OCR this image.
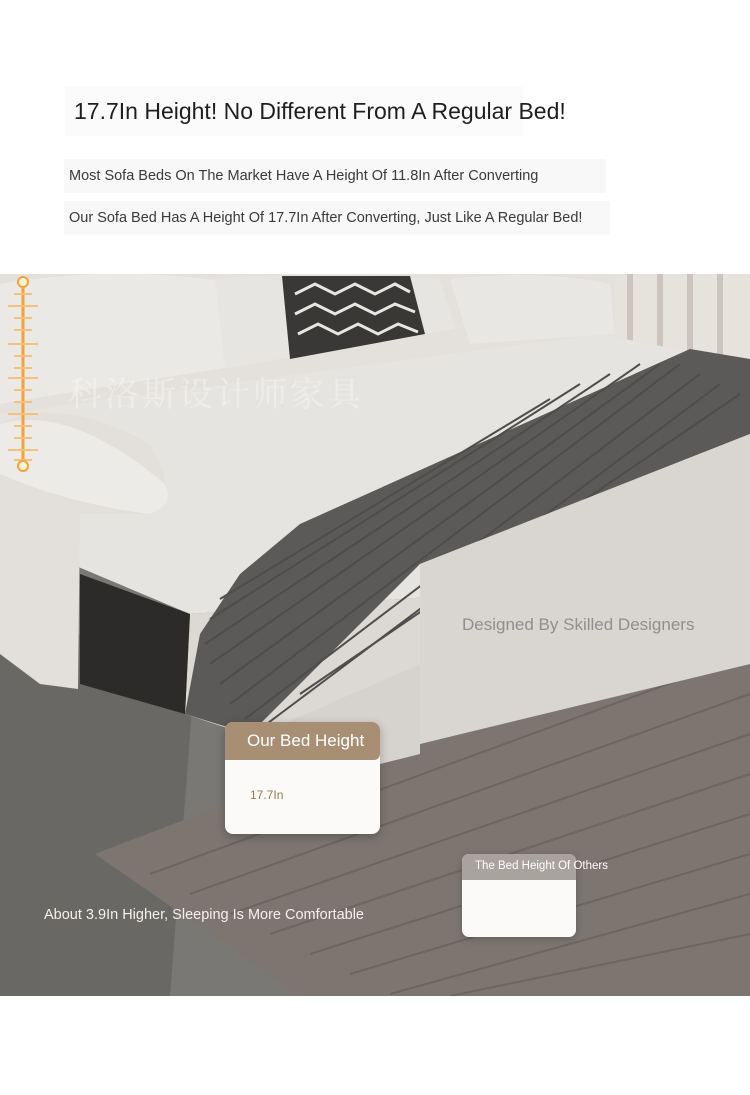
17.7In Height! No Different From A Regular Bed!
Most Sofa Beds On The Market Have A Height Of 11.8In After Converting
Our Sofa Bed Has A Height Of 17.7In After Converting, Just Like A Regular Bed!
科洛斯设计师家具
Designed By Skilled Designers
Our Bed Height
17.7In
The Bed Height Of Others
About 3.9In Higher, Sleeping Is More Comfortable
